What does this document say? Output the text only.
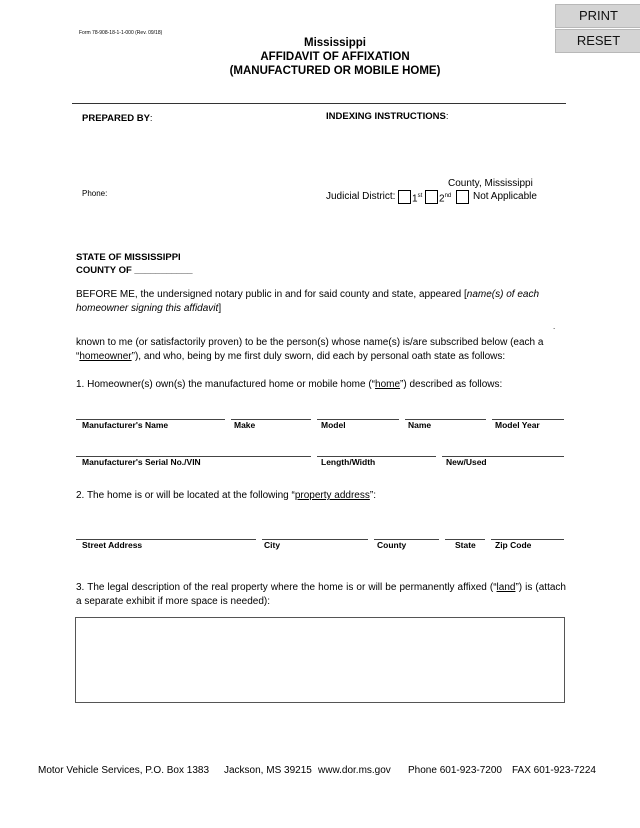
PRINT
RESET
Form 78-908-18-1-1-000 (Rev. 09/18)
Mississippi
AFFIDAVIT OF AFFIXATION
(MANUFACTURED OR MOBILE HOME)
PREPARED BY:	INDEXING INSTRUCTIONS:
Phone:
County, Mississippi
Judicial District: 1st 2nd Not Applicable
STATE OF MISSISSIPPI
COUNTY OF ___________
BEFORE ME, the undersigned notary public in and for said county and state, appeared [name(s) of each homeowner signing this affidavit]
.
known to me (or satisfactorily proven) to be the person(s) whose name(s) is/are subscribed below (each a “homeowner”), and who, being by me first duly sworn, did each by personal oath state as follows:
1. Homeowner(s) own(s) the manufactured home or mobile home (“home”) described as follows:
Manufacturer's Name	Make	Model	Name	Model Year
Manufacturer's Serial No./VIN	Length/Width	New/Used
2. The home is or will be located at the following “property address”:
Street Address	City	County	State Zip Code
3. The legal description of the real property where the home is or will be permanently affixed (“land”) is (attach a separate exhibit if more space is needed):
Motor Vehicle Services, P.O. Box 1383 Jackson, MS 39215 www.dor.ms.gov Phone 601-923-7200 FAX 601-923-7224
